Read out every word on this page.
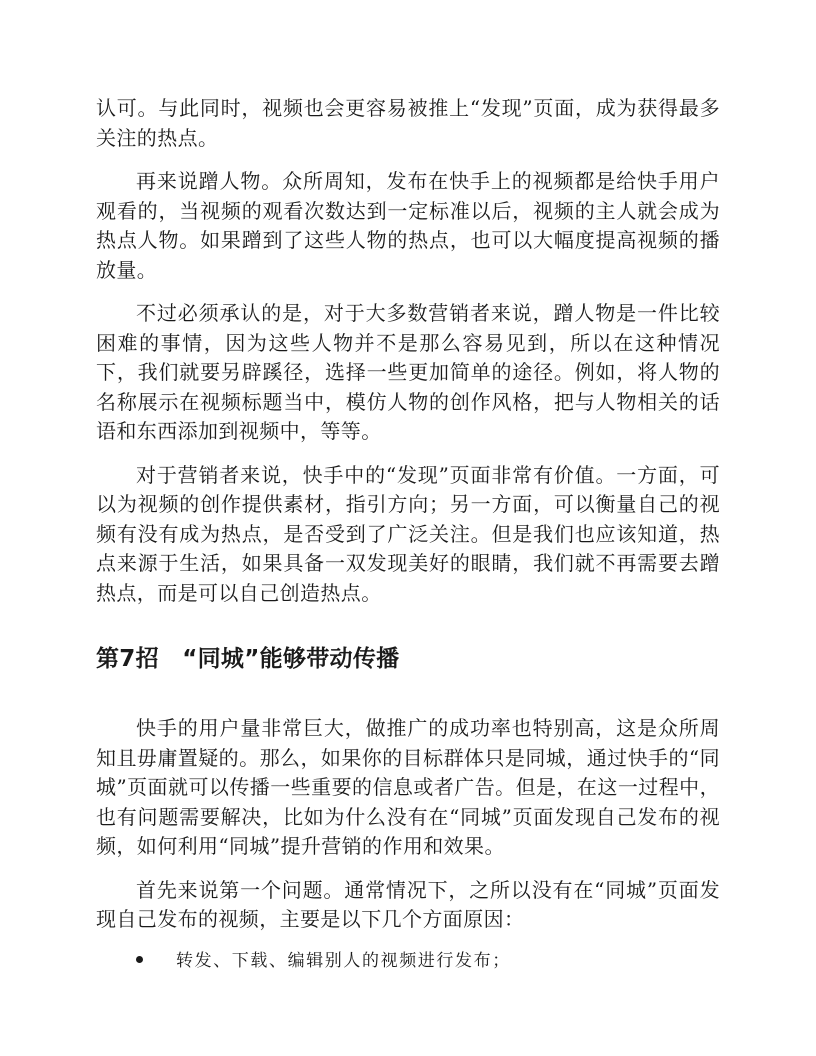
认可。与此同时，视频也会更容易被推上“发现”页面，成为获得最多关注的热点。

再来说蹭人物。众所周知，发布在快手上的视频都是给快手用户观看的，当视频的观看次数达到一定标准以后，视频的主人就会成为热点人物。如果蹭到了这些人物的热点，也可以大幅度提高视频的播放量。

不过必须承认的是，对于大多数营销者来说，蹭人物是一件比较困难的事情，因为这些人物并不是那么容易见到，所以在这种情况下，我们就要另辟蹊径，选择一些更加简单的途径。例如，将人物的名称展示在视频标题当中，模仿人物的创作风格，把与人物相关的话语和东西添加到视频中，等等。

对于营销者来说，快手中的“发现”页面非常有价值。一方面，可以为视频的创作提供素材，指引方向；另一方面，可以衡量自己的视频有没有成为热点，是否受到了广泛关注。但是我们也应该知道，热点来源于生活，如果具备一双发现美好的眼睛，我们就不再需要去蹭热点，而是可以自己创造热点。

第7招　“同城”能够带动传播

快手的用户量非常巨大，做推广的成功率也特别高，这是众所周知且毋庸置疑的。那么，如果你的目标群体只是同城，通过快手的“同城”页面就可以传播一些重要的信息或者广告。但是，在这一过程中，也有问题需要解决，比如为什么没有在“同城”页面发现自己发布的视频，如何利用“同城”提升营销的作用和效果。

首先来说第一个问题。通常情况下，之所以没有在“同城”页面发现自己发布的视频，主要是以下几个方面原因：

转发、下载、编辑别人的视频进行发布；
